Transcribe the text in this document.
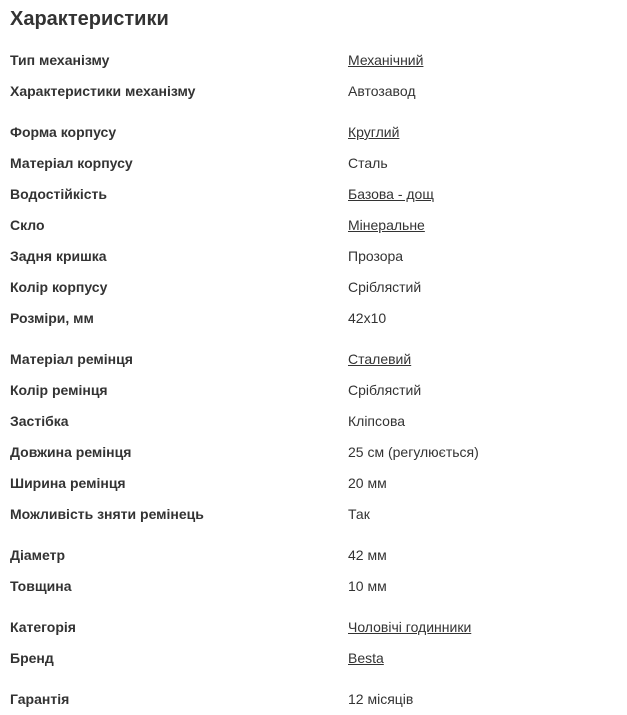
Характеристики
Тип механізму	Механічний
Характеристики механізму	Автозавод
Форма корпусу	Круглий
Матеріал корпусу	Сталь
Водостійкість	Базова - дощ
Скло	Мінеральне
Задня кришка	Прозора
Колір корпусу	Сріблястий
Розміри, мм	42x10
Матеріал ремінця	Сталевий
Колір ремінця	Сріблястий
Застібка	Кліпсова
Довжина ремінця	25 см (регулюється)
Ширина ремінця	20 мм
Можливість зняти ремінець	Так
Діаметр	42 мм
Товщина	10 мм
Категорія	Чоловічі годинники
Бренд	Besta
Гарантія	12 місяців
